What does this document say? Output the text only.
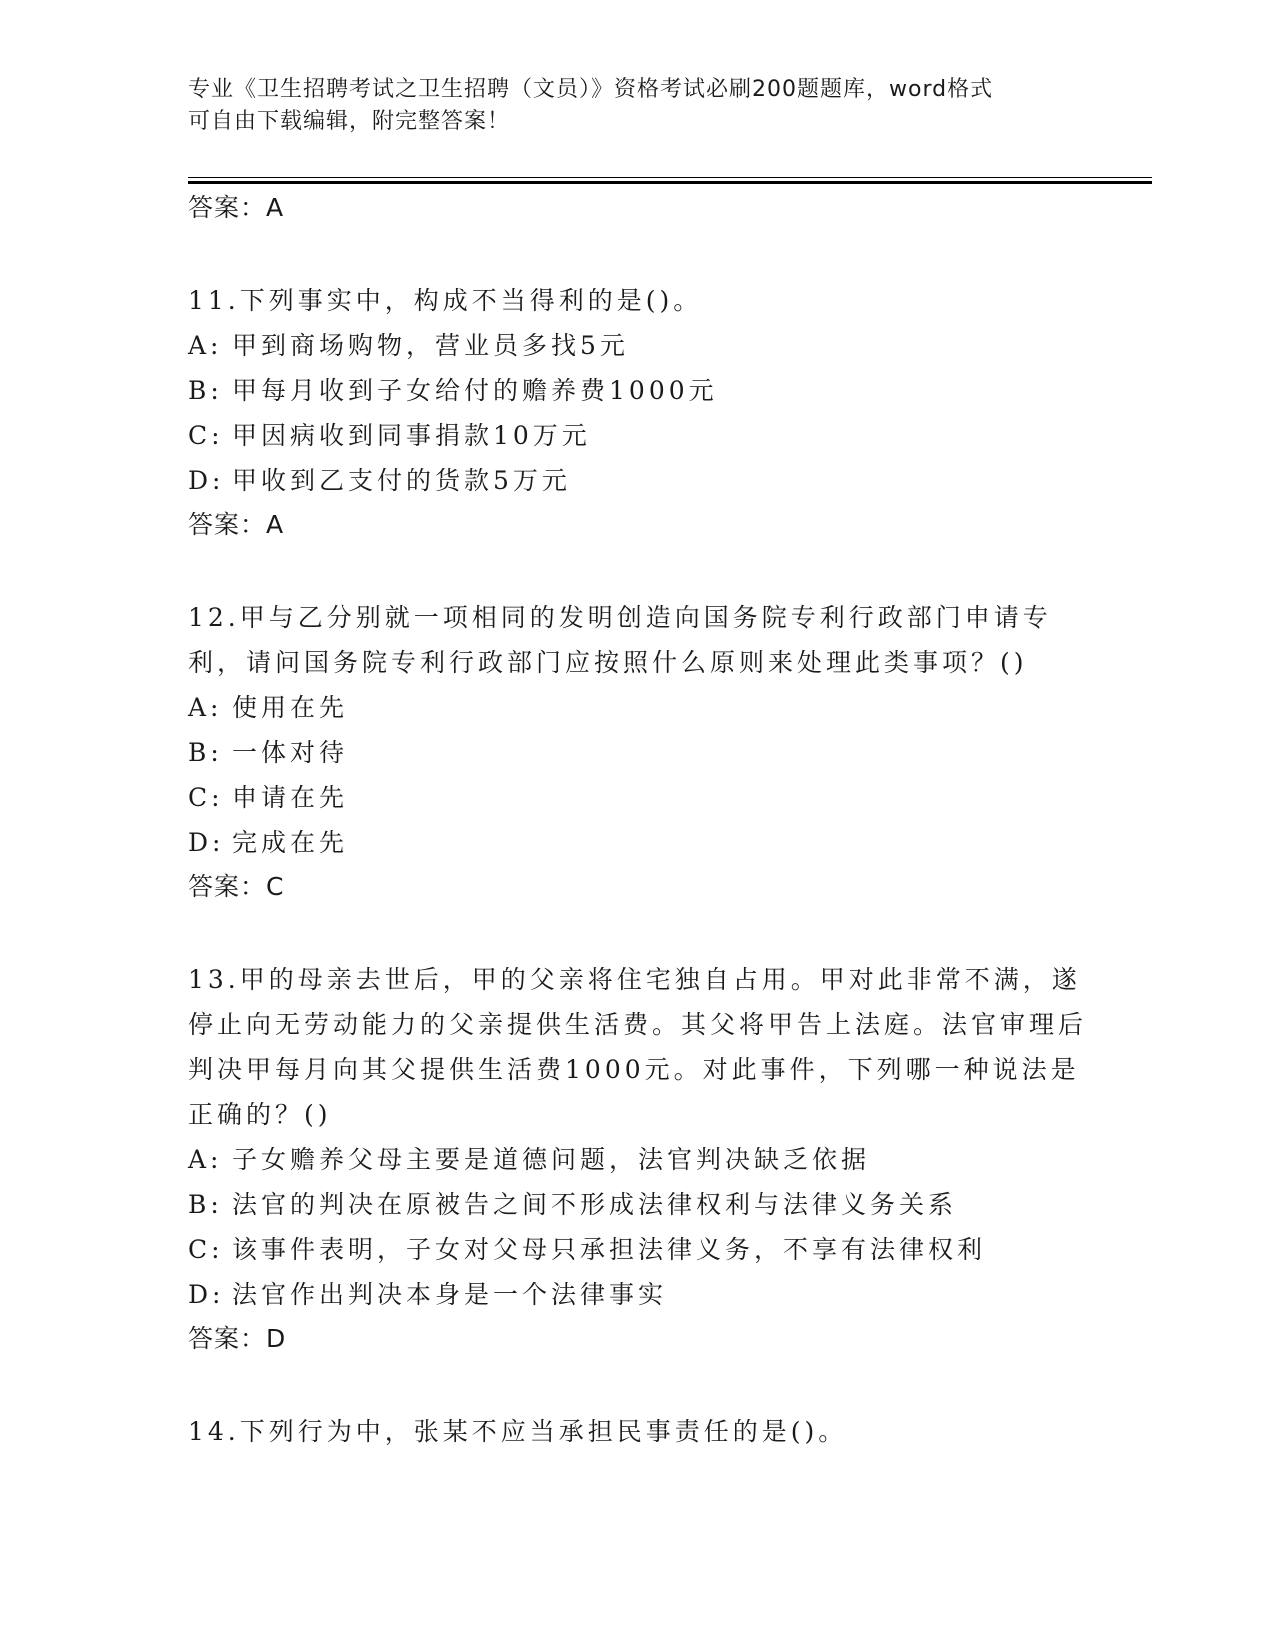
专业《卫生招聘考试之卫生招聘（文员）》资格考试必刷200题题库，word格式
可自由下载编辑，附完整答案！
答案：A
11.下列事实中，构成不当得利的是()。
A: 甲到商场购物，营业员多找5元
B: 甲每月收到子女给付的赡养费1000元
C: 甲因病收到同事捐款10万元
D: 甲收到乙支付的货款5万元
答案：A
12.甲与乙分别就一项相同的发明创造向国务院专利行政部门申请专利，请问国务院专利行政部门应按照什么原则来处理此类事项？()
A: 使用在先
B: 一体对待
C: 申请在先
D: 完成在先
答案：C
13.甲的母亲去世后，甲的父亲将住宅独自占用。甲对此非常不满，遂停止向无劳动能力的父亲提供生活费。其父将甲告上法庭。法官审理后判决甲每月向其父提供生活费1000元。对此事件，下列哪一种说法是正确的？()
A: 子女赡养父母主要是道德问题，法官判决缺乏依据
B: 法官的判决在原被告之间不形成法律权利与法律义务关系
C: 该事件表明，子女对父母只承担法律义务，不享有法律权利
D: 法官作出判决本身是一个法律事实
答案：D
14.下列行为中，张某不应当承担民事责任的是()。
